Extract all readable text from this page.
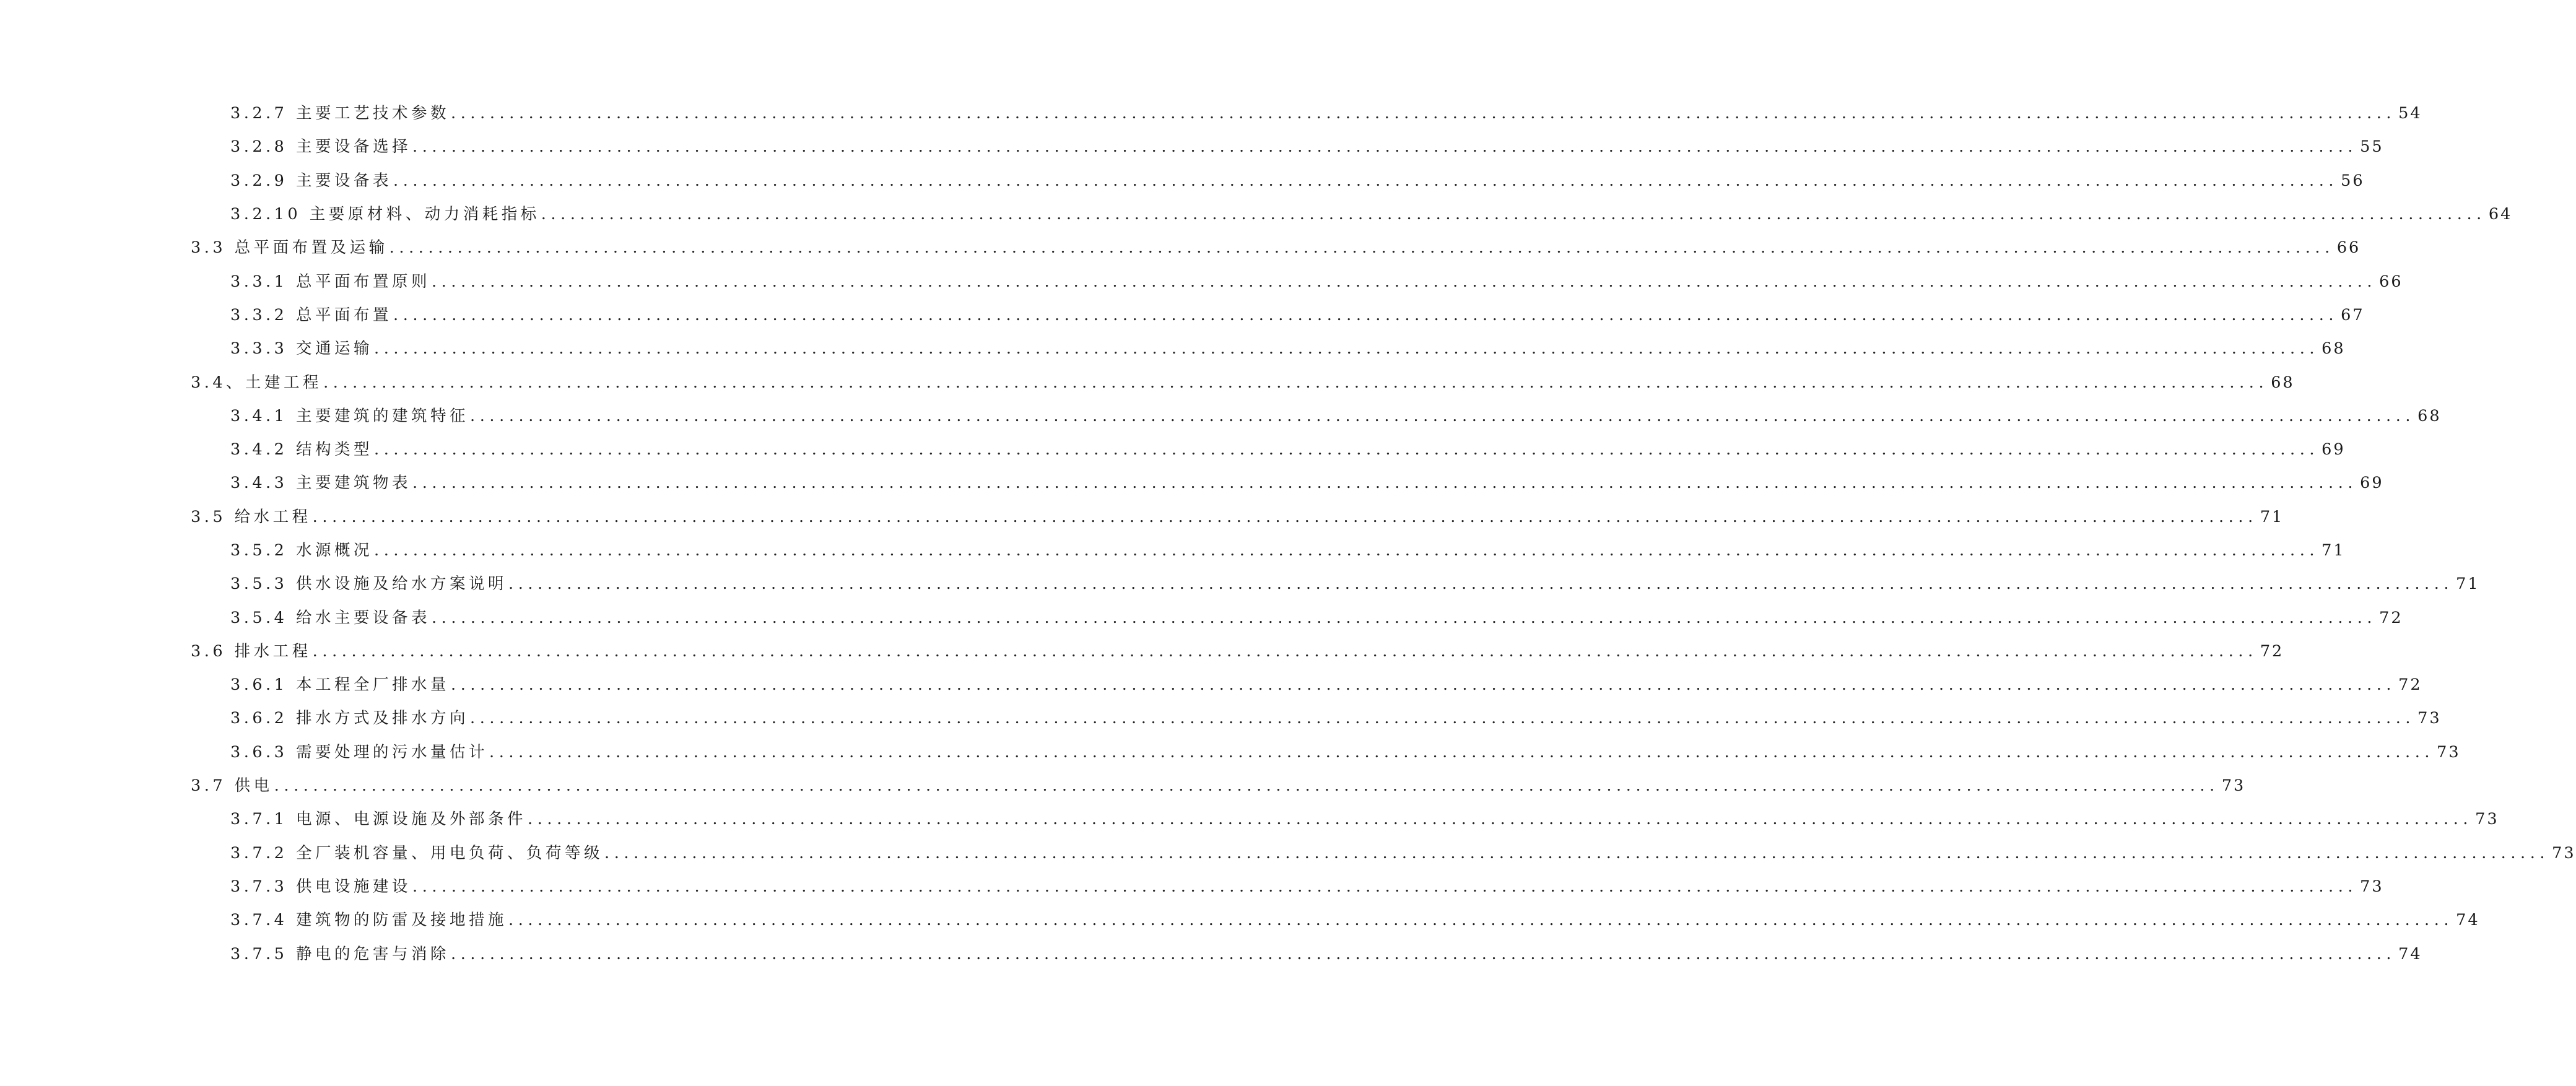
3.2.7 主要工艺技术参数 ........................................................................................................................................................................................................ 54
3.2.8 主要设备选择 ........................................................................................................................................................................................................ 55
3.2.9 主要设备表 ........................................................................................................................................................................................................ 56
3.2.10 主要原材料、动力消耗指标 ........................................................................................................................................................................................................ 64
3.3 总平面布置及运输 ........................................................................................................................................................................................................ 66
3.3.1 总平面布置原则 ........................................................................................................................................................................................................ 66
3.3.2 总平面布置 ........................................................................................................................................................................................................ 67
3.3.3 交通运输 ........................................................................................................................................................................................................ 68
3.4、土建工程 ........................................................................................................................................................................................................ 68
3.4.1 主要建筑的建筑特征 ........................................................................................................................................................................................................ 68
3.4.2 结构类型 ........................................................................................................................................................................................................ 69
3.4.3 主要建筑物表 ........................................................................................................................................................................................................ 69
3.5 给水工程 ........................................................................................................................................................................................................ 71
3.5.2 水源概况 ........................................................................................................................................................................................................ 71
3.5.3 供水设施及给水方案说明 ........................................................................................................................................................................................................ 71
3.5.4 给水主要设备表 ........................................................................................................................................................................................................ 72
3.6 排水工程 ........................................................................................................................................................................................................ 72
3.6.1 本工程全厂排水量 ........................................................................................................................................................................................................ 72
3.6.2 排水方式及排水方向 ........................................................................................................................................................................................................ 73
3.6.3 需要处理的污水量估计 ........................................................................................................................................................................................................ 73
3.7 供电 ........................................................................................................................................................................................................ 73
3.7.1 电源、电源设施及外部条件 ........................................................................................................................................................................................................ 73
3.7.2 全厂装机容量、用电负荷、负荷等级 ........................................................................................................................................................................................................ 73
3.7.3 供电设施建设 ........................................................................................................................................................................................................ 73
3.7.4 建筑物的防雷及接地措施 ........................................................................................................................................................................................................ 74
3.7.5 静电的危害与消除 ........................................................................................................................................................................................................ 74
